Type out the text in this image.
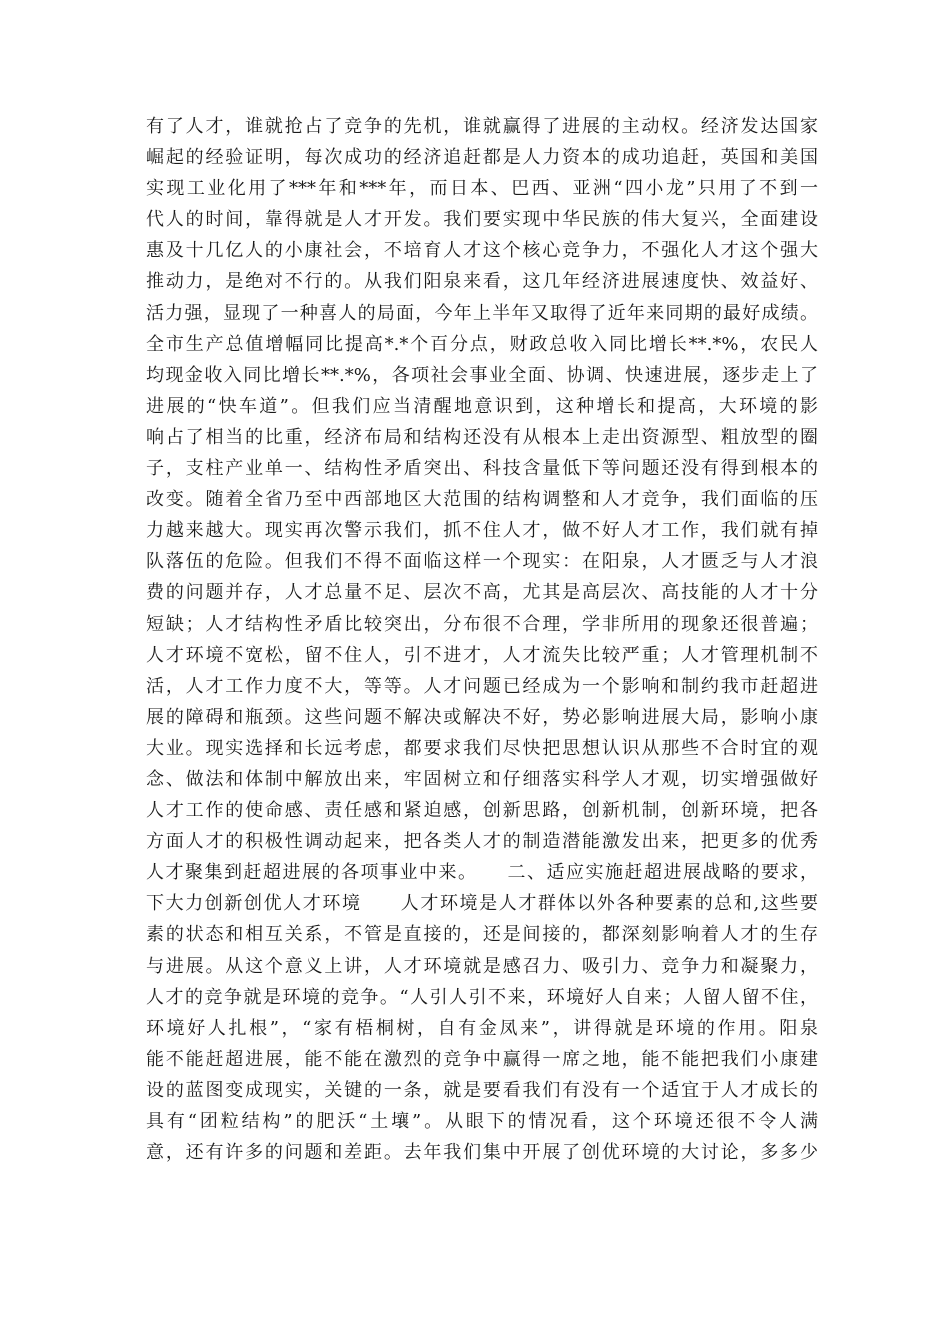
有了人才，谁就抢占了竞争的先机，谁就赢得了进展的主动权。经济发达国家
崛起的经验证明，每次成功的经济追赶都是人力资本的成功追赶，英国和美国
实现工业化用了***年和***年，而日本、巴西、亚洲“四小龙”只用了不到一
代人的时间，靠得就是人才开发。我们要实现中华民族的伟大复兴，全面建设
惠及十几亿人的小康社会，不培育人才这个核心竞争力，不强化人才这个强大
推动力，是绝对不行的。从我们阳泉来看，这几年经济进展速度快、效益好、
活力强，显现了一种喜人的局面，今年上半年又取得了近年来同期的最好成绩。
全市生产总值增幅同比提高*.*个百分点，财政总收入同比增长**.*%，农民人
均现金收入同比增长**.*%，各项社会事业全面、协调、快速进展，逐步走上了
进展的“快车道”。但我们应当清醒地意识到，这种增长和提高，大环境的影
响占了相当的比重，经济布局和结构还没有从根本上走出资源型、粗放型的圈
子，支柱产业单一、结构性矛盾突出、科技含量低下等问题还没有得到根本的
改变。随着全省乃至中西部地区大范围的结构调整和人才竞争，我们面临的压
力越来越大。现实再次警示我们，抓不住人才，做不好人才工作，我们就有掉
队落伍的危险。但我们不得不面临这样一个现实：在阳泉，人才匮乏与人才浪
费的问题并存，人才总量不足、层次不高，尤其是高层次、高技能的人才十分
短缺；人才结构性矛盾比较突出，分布很不合理，学非所用的现象还很普遍；
人才环境不宽松，留不住人，引不进才，人才流失比较严重；人才管理机制不
活，人才工作力度不大，等等。人才问题已经成为一个影响和制约我市赶超进
展的障碍和瓶颈。这些问题不解决或解决不好，势必影响进展大局，影响小康
大业。现实选择和长远考虑，都要求我们尽快把思想认识从那些不合时宜的观
念、做法和体制中解放出来，牢固树立和仔细落实科学人才观，切实增强做好
人才工作的使命感、责任感和紧迫感，创新思路，创新机制，创新环境，把各
方面人才的积极性调动起来，把各类人才的制造潜能激发出来，把更多的优秀
人才聚集到赶超进展的各项事业中来。　　二、适应实施赶超进展战略的要求，
下大力创新创优人才环境　　人才环境是人才群体以外各种要素的总和,这些要
素的状态和相互关系，不管是直接的，还是间接的，都深刻影响着人才的生存
与进展。从这个意义上讲，人才环境就是感召力、吸引力、竞争力和凝聚力，
人才的竞争就是环境的竞争。“人引人引不来，环境好人自来；人留人留不住，
环境好人扎根”，“家有梧桐树，自有金凤来”，讲得就是环境的作用。阳泉
能不能赶超进展，能不能在激烈的竞争中赢得一席之地，能不能把我们小康建
设的蓝图变成现实，关键的一条，就是要看我们有没有一个适宜于人才成长的
具有“团粒结构”的肥沃“土壤”。从眼下的情况看，这个环境还很不令人满
意，还有许多的问题和差距。去年我们集中开展了创优环境的大讨论，多多少
